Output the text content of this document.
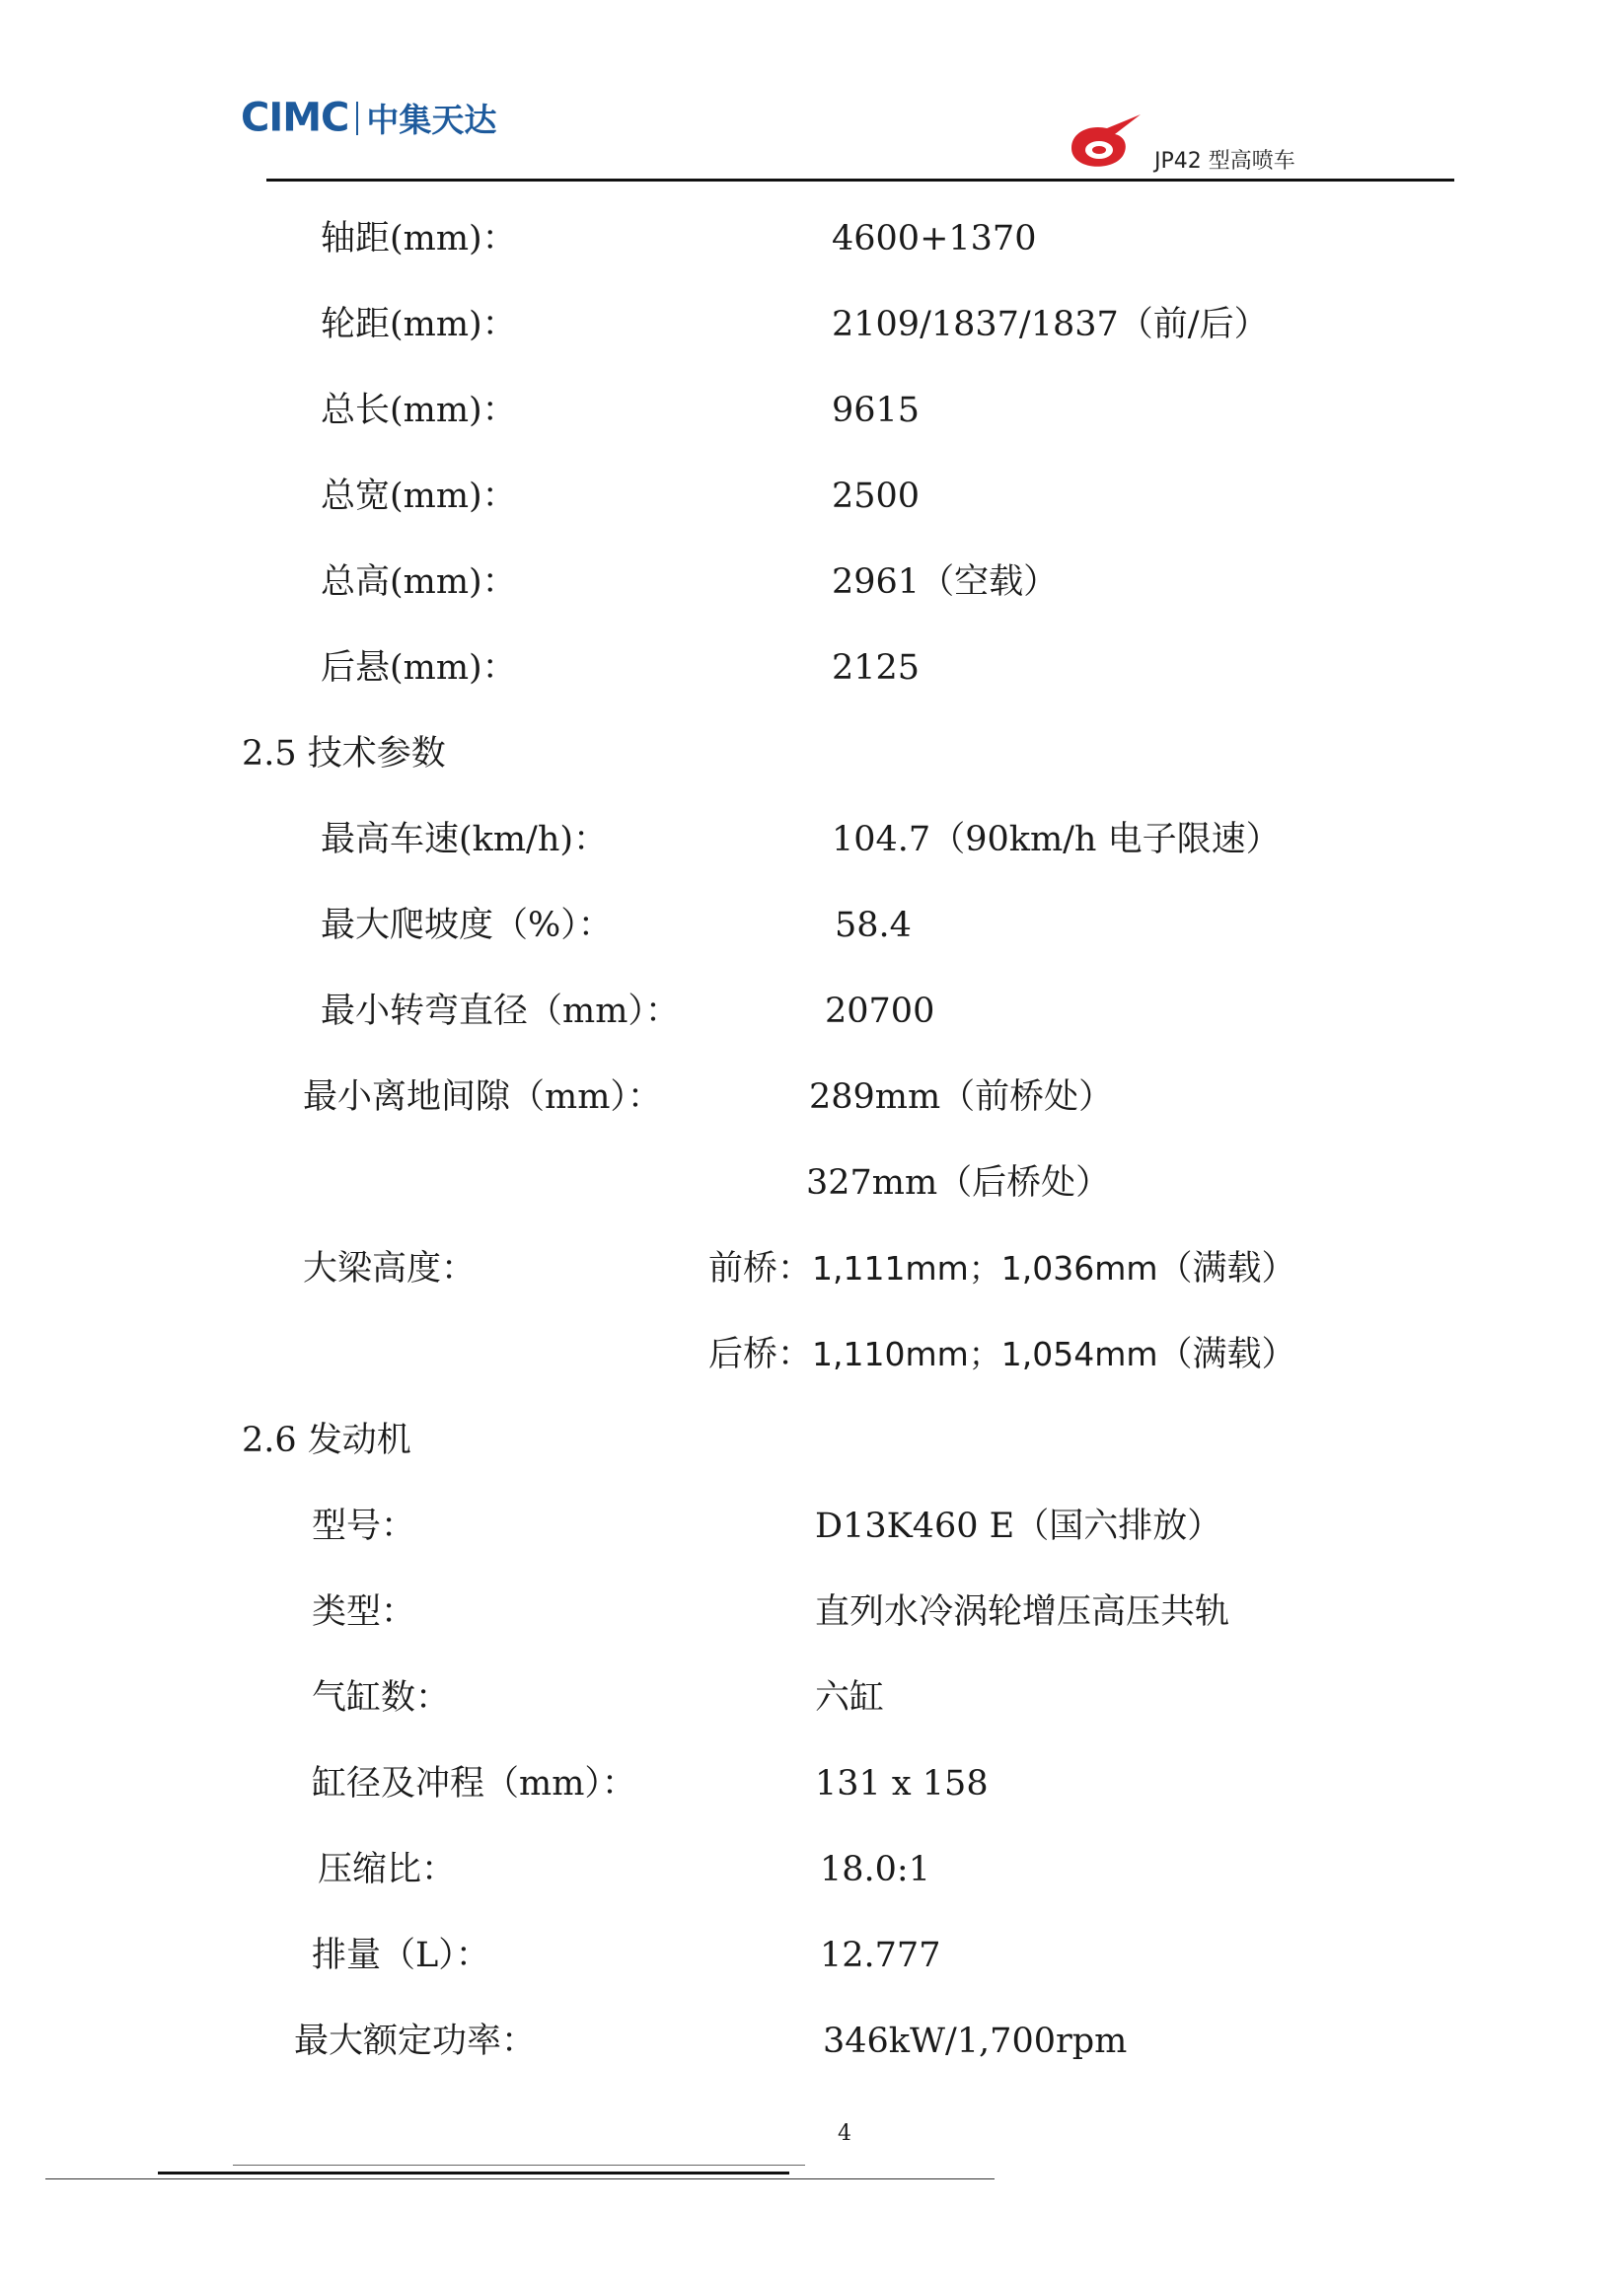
CIMC 中集天达
JP42 型高喷车
轴距(mm)：	4600+1370
轮距(mm)：	2109/1837/1837（前/后）
总长(mm)：	9615
总宽(mm)：	2500
总高(mm)：	2961（空载）
后悬(mm)：	2125
2.5 技术参数
最高车速(km/h)：	104.7（90km/h 电子限速）
最大爬坡度（%）：	58.4
最小转弯直径（mm）：	20700
最小离地间隙（mm）：	289mm（前桥处）
327mm（后桥处）
大梁高度：	前桥：1,111mm；1,036mm（满载）
后桥：1,110mm；1,054mm（满载）
2.6 发动机
型号：	D13K460 E（国六排放）
类型：	直列水冷涡轮增压高压共轨
气缸数：	六缸
缸径及冲程（mm）：	131 x 158
压缩比：	18.0:1
排量（L）：	12.777
最大额定功率：	346kW/1,700rpm
4
